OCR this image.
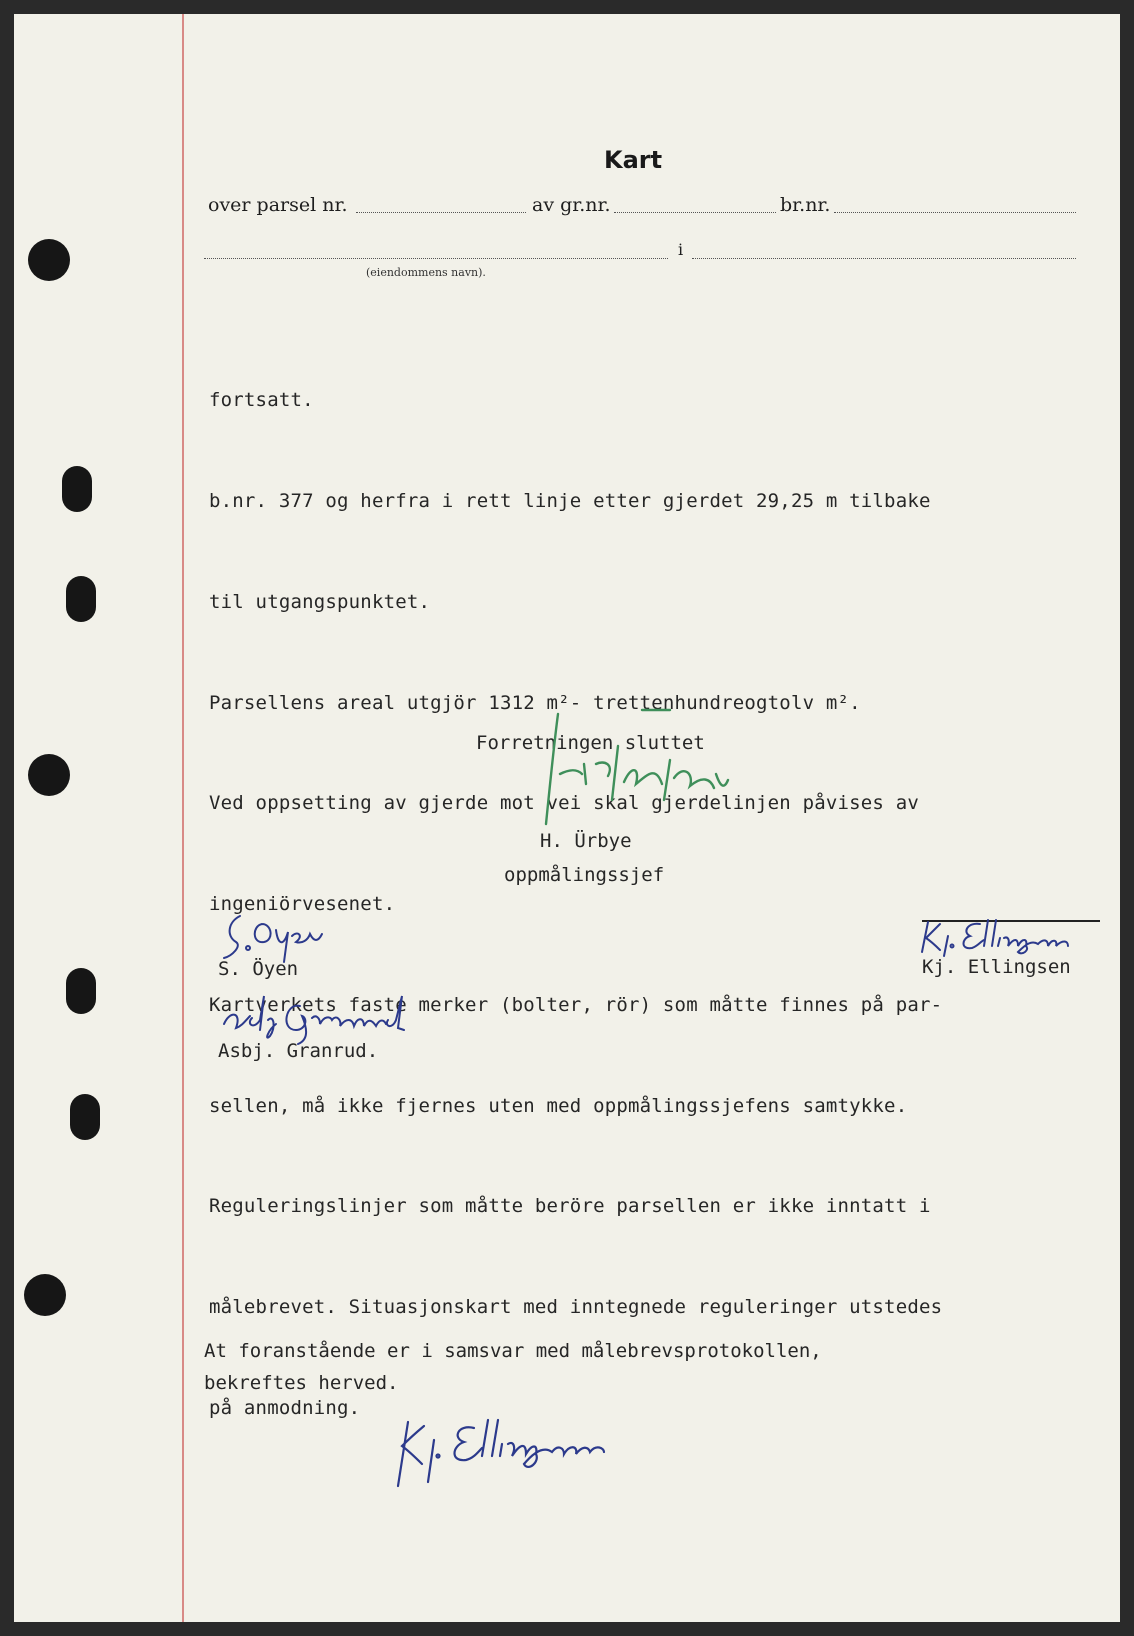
Kart
over parsel nr.	av gr.nr.	br.nr.
i
(eiendommens navn).

fortsatt.

b.nr. 377 og herfra i rett linje etter gjerdet 29,25 m tilbake

til utgangspunktet.

Parsellens areal utgjör 1312 m²- trettenhundreogtolv m².

Ved oppsetting av gjerde mot vei skal gjerdelinjen påvises av

ingeniörvesenet.

Kartverkets faste merker (bolter, rör) som måtte finnes på par-

sellen, må ikke fjernes uten med oppmålingssjefens samtykke.

Reguleringslinjer som måtte beröre parsellen er ikke inntatt i

målebrevet. Situasjonskart med inntegnede reguleringer utstedes

på anmodning.

Forretningen sluttet
H. Ürbye
oppmålingssjef
S. Öyen
Asbj. Granrud.
Kj. Ellingsen
At foranstående er i samsvar med målebrevsprotokollen,
bekreftes herved.
